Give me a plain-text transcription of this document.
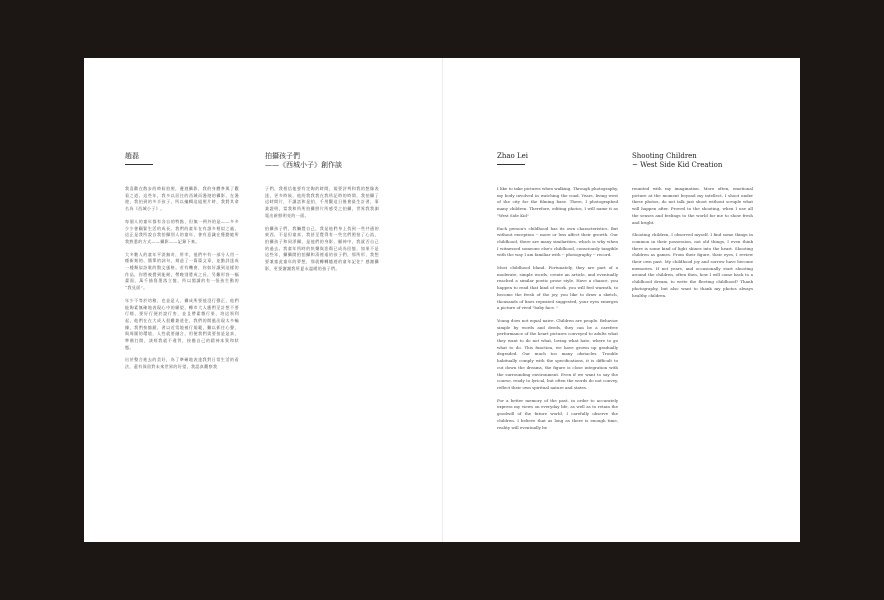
趙磊	拍攝孩子們
——《西城小子》創作談

我喜歡在散步的時候拍照，邊遊攝影，我的身體參與了觀看之道。這些年，我多以居住的西城而漫遊的攝影，在漫遊，我拍到的多半孩子，所以編輯這組照片時，我將其命名為《西城小子》。

每個人的童年都有各自的特點，但無一例外的是——多多少少會顧緊生活的成長。我們的童年在有誰多相似之處，這正是我所說自我拍攝別人的童年，會有意識在獲勤她所我熟悉的方式——攝影——記錄下來。

大多數人的童年平淡無奇，所幸，他們中有一部分人用一種新刻的、簡單的詞句，刻造了一篇篇文章，並勤詳達成一種類似詩歌的散文風格。若有機會，你如好讓到這樣的作品，你將被覺到能耐，帶晚別將成之長，另難形容一幅畫面，萬千描寫墨落立憶，所以閱讀的有一張孩生動的 “我見面”。

年少不等於幼稚，也並是人，攝成所要他沒行聲正，他們能夠素無確地表現心中的願望，轉市大人應們至計想不要行標，要好行便於說行害，並且帶素雜行果，培這領利起，他們在在大成人很難兼道住，我們的開風出現太多輸據，我們按縮錯，習以近常地被行規範，難以抓住心聲，與周圍的環境，人性就要融合，用便我們需要拍是是真，準備打開，該經我就不違背，按應自己的精神本質和狀態。

出於整合進去的美好，為了準確地表達我對日常生活的看法，還有保留對未來世界的好望，我認真觀察我

子們，我相信他要有定夠的時間，規要評判和我的想像表達，更多時候，他的我我我在我所記時的時間，我拍攝了這時間片，不讓話和是拍，千用觀這日後會最生計習，事業證明，當我和所所拍攝照片所感受之拍攝，世界我我測電出新鮮明亮的一面。

拍攝孩子們，我觸覺自己，我是他們身上找到一些共通的東西，不是但童真，我甚至覺得有一些完們照拍了心流，拍攝孩子和同淨攝，是他們的身影，顯神中，我就否自己的過去。我童年所時的快樂與悲傷已成為回憶，如果不是這些年，攝攝開拍拍攝和清裡遠的孩子們，那所形，我想要兼童此童年的夢想，那就轉轉隨遊的童年記住？感謝攝影，更要謝謝我所夏永溫暖的孩子們。

Zhao Lei	Shooting Children
~ West Side Kid Creation

I like to take pictures when walking. Through photography, my body involved in watching the road. Years, living west of the city for the filming base. There, I photographed many children. Therefore, editing photos, I will name it as "West Side Kid"

Each person's childhood has its own characteristics. But without exception -- more or less affect their growth. Our childhood, there are many similarities, which is why when I witnessed someone else's childhood, consciously tangible with the way I am familiar with -- photography -- record.

Most childhood bland. Fortunately, they are part of a moderate, simple words, create an article, and eventually reached a similar poetic prose style. Have a chance, you happen to read that kind of work. you will feel warmth, to become the fresh of the joy, you like to draw a sketch, thousands of lines repeated suggested, your eyes emerges a picture of vivid "baby face. "

Young does not equal naive. Children are people. Behavior simple by words and deeds, they can be a carefree performance of the heart pictures conveyed to adults what they want to do not what, loving what hate, where to go what to do. This function, we have grown up gradually degraded. Our much too many obstacles. Trouble habitually comply with the specifications, it is difficult to cut down the dreams, the figure is close integration with the surrounding environment. Even if we want to say the course, ready to lyrical, but often the words do not convey, reflect their own spiritual nature and states.

For a better memory of the past, in order to accurately express my views on everyday life, as well as to retain the goodwill of the future world, I carefully observe the children. I believe that as long as there is enough time, reality will eventually be

reunited with my imagination. More often, emotional picture at the moment beyond my intellect, I shoot under these photos, do not talk just shoot without scruple what will happen after. Proved to the shooting, when I use all the senses and feelings to the world for me to show fresh and bright.

Shooting children, I observed myself. I find some things in common in their possession, not old things, I even think there is some kind of light shines into the heart. Shooting children as games. From their figure, their eyes, I review their own past. My childhood joy and sorrow have become memories. If not years, and occasionally start shooting around the children, often then, how I will come back to a childhood dream, to write the fleeting childhood? Thank photography, but also want to thank my photos always healthy children.
